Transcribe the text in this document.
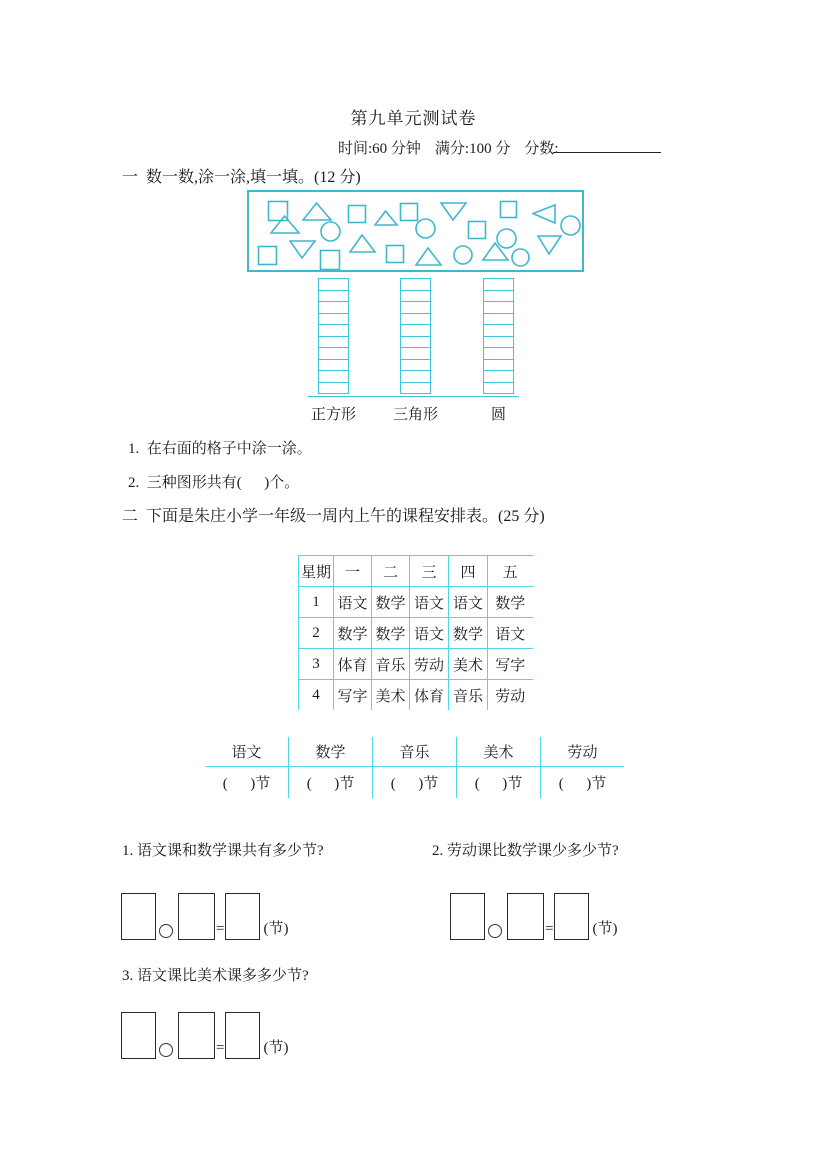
第九单元测试卷
时间:60 分钟 满分:100 分 分数:
一  数一数,涂一涂,填一填。(12 分)
正方形 三角形	圆
1.  在右面的格子中涂一涂。
2.  三种图形共有(      )个。
二  下面是朱庄小学一年级一周内上午的课程安排表。(25 分)
星期	一	二	三	四	五
1	语文	数学	语文	语文	数学
2	数学	数学	语文	数学	语文
3	体育	音乐	劳动	美术	写字
4	写字	美术	体育	音乐	劳动
语文	数学	音乐	美术	劳动
(      )节	(      )节	(      )节	(      )节	(      )节
1. 语文课和数学课共有多少节?	2. 劳动课比数学课少多少节?
=	(节)	=	(节)
3. 语文课比美术课多多少节?
=	(节)
